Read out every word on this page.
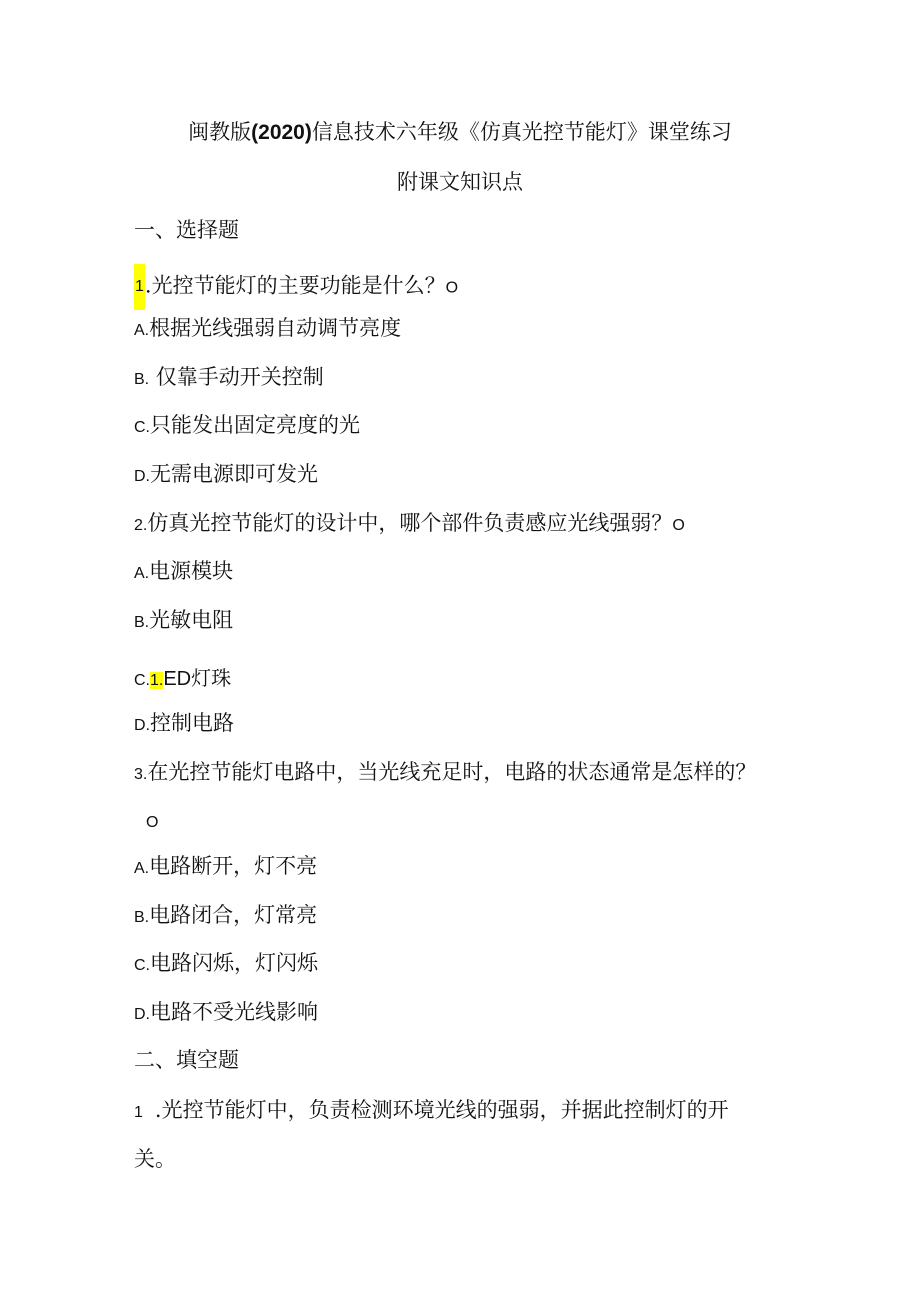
闽教版(2020)信息技术六年级《仿真光控节能灯》课堂练习
附课文知识点
一、选择题
1.光控节能灯的主要功能是什么？O
A.根据光线强弱自动调节亮度
B. 仅靠手动开关控制
C.只能发出固定亮度的光
D.无需电源即可发光
2.仿真光控节能灯的设计中，哪个部件负责感应光线强弱？O
A.电源模块
B.光敏电阻
C.1.ED灯珠
D.控制电路
3.在光控节能灯电路中，当光线充足时，电路的状态通常是怎样的？
O
A.电路断开，灯不亮
B.电路闭合，灯常亮
C.电路闪烁，灯闪烁
D.电路不受光线影响
二、填空题
1 .光控节能灯中，负责检测环境光线的强弱，并据此控制灯的开
关。
